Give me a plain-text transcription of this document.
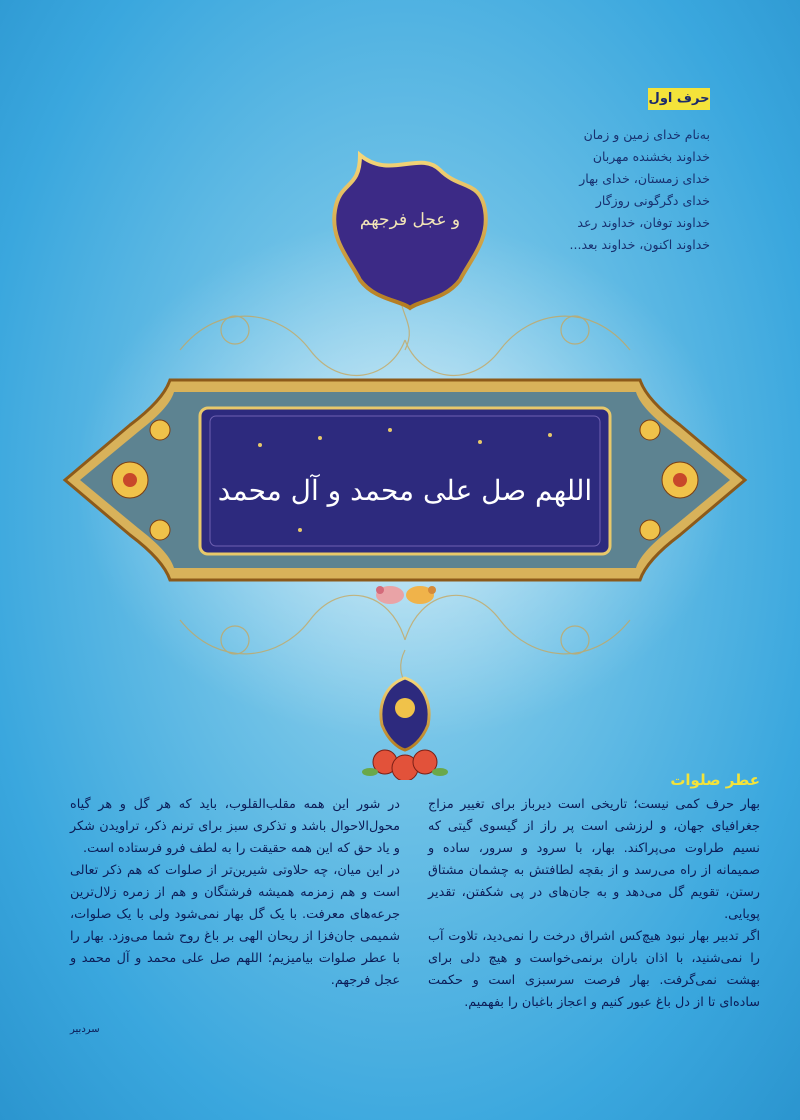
حرف اول
به‌نام خدای زمین و زمان
خداوند بخشنده مهربان
خدای زمستان، خدای بهار
خدای دگرگونی روزگار
خداوند توفان، خداوند رعد
خداوند اکنون، خداوند بعد...
و عجل فرجهم
اللهم صل علی محمد و آل محمد
عطر صلوات

بهار حرف کمی نیست؛ تاریخی است دیرباز برای تغییر مزاج جغرافیای جهان، و لرزشی است پر راز از گیسوی گیتی که نسیم طراوت می‌پراکند. بهار، با سرود و سرور، ساده و صمیمانه از راه می‌رسد و از بقچه لطافتش به چشمان مشتاق رستن، تقویم گل می‌دهد و به جان‌های در پی شکفتن، تقدیر پویایی.

اگر تدبیر بهار نبود هیچ‌کس اشراق درخت را نمی‌دید، تلاوت آب را نمی‌شنید، با اذان باران برنمی‌خواست و هیچ دلی برای بهشت نمی‌گرفت. بهار فرصت سرسبزی است و حکمت ساده‌ای تا از دل باغ عبور کنیم و اعجاز باغبان را بفهمیم.

در شور این همه مقلب‌القلوب، باید که هر گل و هر گیاه محول‌الاحوال باشد و تذکری سبز برای ترنم ذکر، تراویدن شکر و یاد حق که این همه حقیقت را به لطف فرو فرستاده است.

در این میان، چه حلاوتی شیرین‌تر از صلوات که هم ذکر تعالی است و هم زمزمه همیشه فرشتگان و هم از زمره زلال‌ترین جرعه‌های معرفت. با یک گل بهار نمی‌شود ولی با یک صلوات، شمیمی جان‌فزا از ریحان الهی بر باغ روح شما می‌وزد. بهار را با عطر صلوات بیامیزیم؛ اللهم صل علی محمد و آل محمد و عجل فرجهم.

سردبیر
